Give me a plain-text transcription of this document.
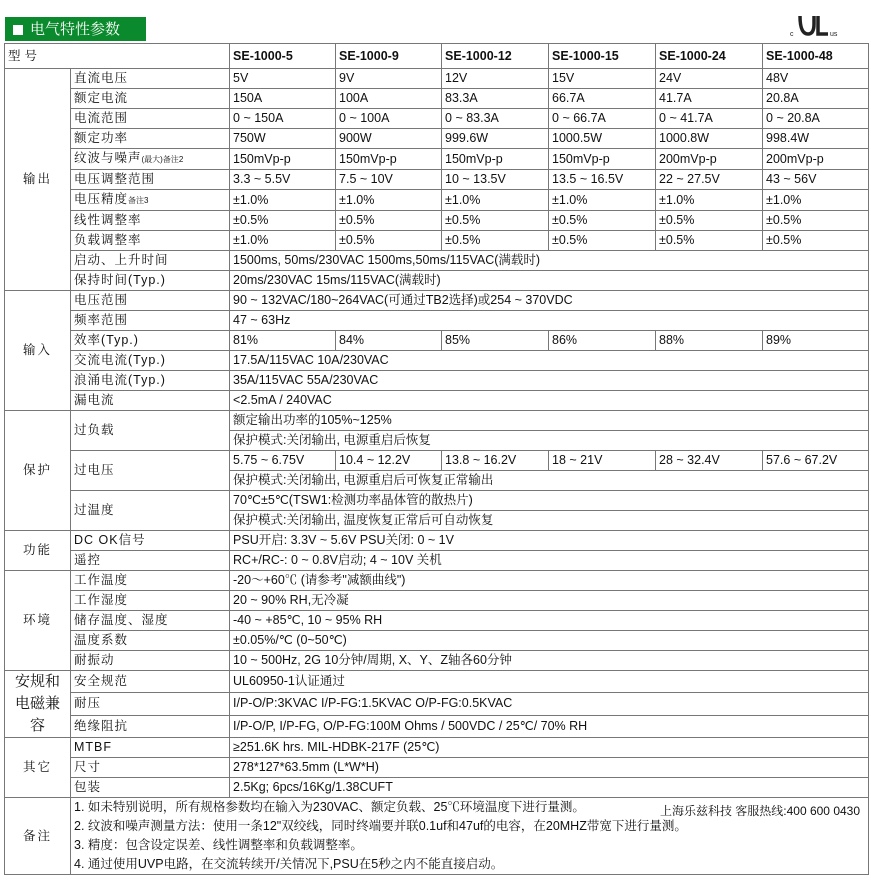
电气特性参数	c	us
型号		SE-1000-5	SE-1000-9	SE-1000-12	SE-1000-15	SE-1000-24	SE-1000-48
输出	直流电压	5V	9V	12V	15V	24V	48V
	额定电流	150A	100A	83.3A	66.7A	41.7A	20.8A
	电流范围	0 ~ 150A	0 ~ 100A	0 ~ 83.3A	0 ~ 66.7A	0 ~ 41.7A	0 ~ 20.8A
	额定功率	750W	900W	999.6W	1000.5W	1000.8W	998.4W
	纹波与噪声(最大)备注2	150mVp-p	150mVp-p	150mVp-p	150mVp-p	200mVp-p	200mVp-p
	电压调整范围	3.3 ~ 5.5V	7.5 ~ 10V	10 ~ 13.5V	13.5 ~ 16.5V	22 ~ 27.5V	43 ~ 56V
	电压精度备注3	±1.0%	±1.0%	±1.0%	±1.0%	±1.0%	±1.0%
	线性调整率	±0.5%	±0.5%	±0.5%	±0.5%	±0.5%	±0.5%
	负载调整率	±1.0%	±0.5%	±0.5%	±0.5%	±0.5%	±0.5%
	启动、上升时间	1500ms, 50ms/230VAC 1500ms,50ms/115VAC(满载时)					
	保持时间(Typ.)	20ms/230VAC 15ms/115VAC(满载时)					
输入	电压范围	90 ~ 132VAC/180~264VAC(可通过TB2选择)或254 ~ 370VDC					
	频率范围	47 ~ 63Hz					
	效率(Typ.)	81%	84%	85%	86%	88%	89%
	交流电流(Typ.)	17.5A/115VAC 10A/230VAC					
	浪涌电流(Typ.)	35A/115VAC 55A/230VAC					
	漏电流	<2.5mA / 240VAC					
保护	过负载	额定输出功率的105%~125%					
		保护模式:关闭输出, 电源重启后恢复					
	过电压	5.75 ~ 6.75V	10.4 ~ 12.2V	13.8 ~ 16.2V	18 ~ 21V	28 ~ 32.4V	57.6 ~ 67.2V
		保护模式:关闭输出, 电源重启后可恢复正常输出					
	过温度	70℃±5℃(TSW1:检测功率晶体管的散热片)					
		保护模式:关闭输出, 温度恢复正常后可自动恢复					
功能	DC OK信号	PSU开启: 3.3V ~ 5.6V PSU关闭: 0 ~ 1V					
	遥控	RC+/RC-: 0 ~ 0.8V启动; 4 ~ 10V 关机					
环境	工作温度	-20～+60℃ (请参考"减额曲线")					
	工作湿度	20 ~ 90% RH,无冷凝					
	储存温度、湿度	-40 ~ +85℃, 10 ~ 95% RH					
	温度系数	±0.05%/℃ (0~50℃)					
	耐振动	10 ~ 500Hz, 2G 10分钟/周期, X、Y、Z轴各60分钟					
安规和电磁兼容	安全规范	UL60950-1认证通过					
	耐压	I/P-O/P:3KVAC I/P-FG:1.5KVAC O/P-FG:0.5KVAC					
	绝缘阻抗	I/P-O/P, I/P-FG, O/P-FG:100M Ohms / 500VDC / 25℃/ 70% RH					
其它	MTBF	≥251.6K hrs. MIL-HDBK-217F (25℃)					
	尺寸	278*127*63.5mm (L*W*H)					
	包装	2.5Kg; 6pcs/16Kg/1.38CUFT					
备注	上海乐兹科技 客服热线:400 600 0430
1. 如未特别说明，所有规格参数均在输入为230VAC、额定负载、25℃环境温度下进行量测。
2. 纹波和噪声测量方法：使用一条12"双绞线，同时终端要并联0.1uf和47uf的电容，在20MHZ带宽下进行量测。
3. 精度：包含设定误差、线性调整率和负载调整率。
4. 通过使用UVP电路，在交流转续开/关情况下,PSU在5秒之内不能直接启动。						
